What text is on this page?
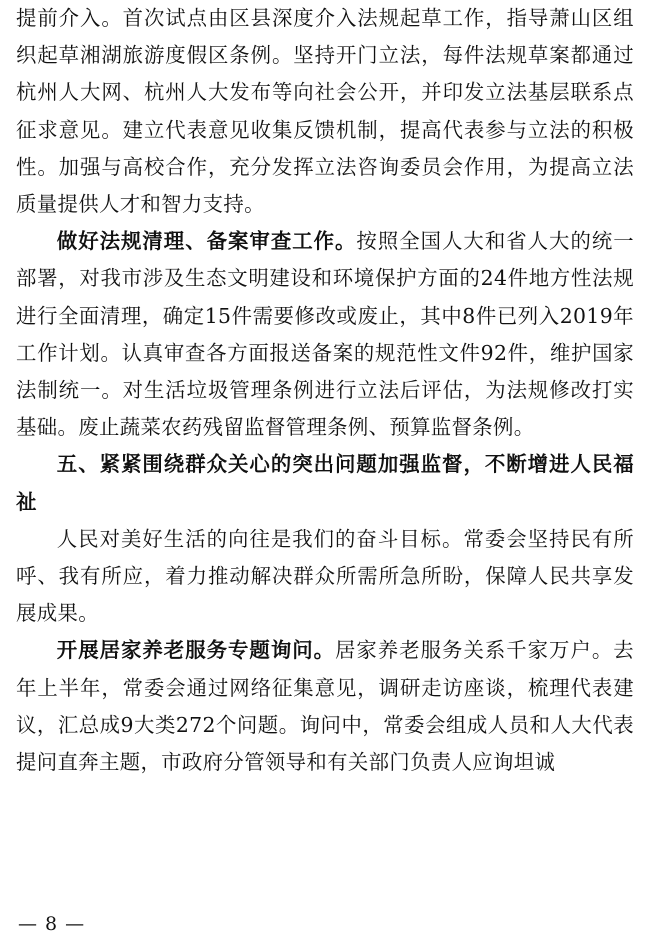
提前介入。首次试点由区县深度介入法规起草工作，指导萧山区组织起草湘湖旅游度假区条例。坚持开门立法，每件法规草案都通过杭州人大网、杭州人大发布等向社会公开，并印发立法基层联系点征求意见。建立代表意见收集反馈机制，提高代表参与立法的积极性。加强与高校合作，充分发挥立法咨询委员会作用，为提高立法质量提供人才和智力支持。

做好法规清理、备案审查工作。按照全国人大和省人大的统一部署，对我市涉及生态文明建设和环境保护方面的24件地方性法规进行全面清理，确定15件需要修改或废止，其中8件已列入2019年工作计划。认真审查各方面报送备案的规范性文件92件，维护国家法制统一。对生活垃圾管理条例进行立法后评估，为法规修改打实基础。废止蔬菜农药残留监督管理条例、预算监督条例。

五、紧紧围绕群众关心的突出问题加强监督，不断增进人民福祉

人民对美好生活的向往是我们的奋斗目标。常委会坚持民有所呼、我有所应，着力推动解决群众所需所急所盼，保障人民共享发展成果。

开展居家养老服务专题询问。居家养老服务关系千家万户。去年上半年，常委会通过网络征集意见，调研走访座谈，梳理代表建议，汇总成9大类272个问题。询问中，常委会组成人员和人大代表提问直奔主题，市政府分管领导和有关部门负责人应询坦诚

— 8 —
